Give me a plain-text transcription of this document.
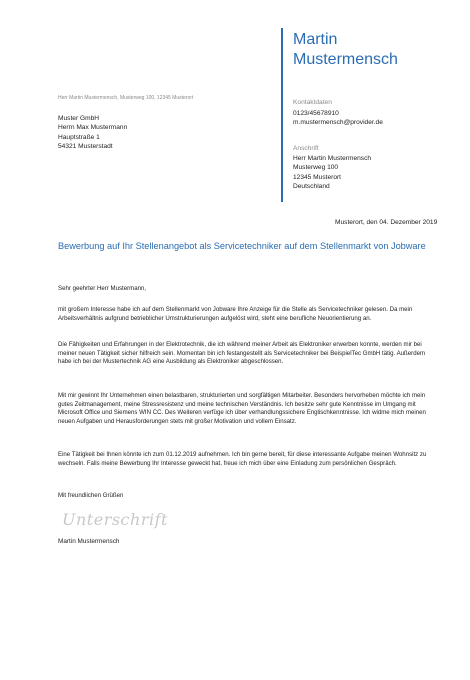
Martin
Mustermensch
Herr Martin Mustermensch, Musterweg 100, 12345 Musterort
Muster GmbH
Herrn Max Mustermann
Hauptstraße 1
54321 Musterstadt
Kontaktdaten
0123/45678910
m.mustermensch@provider.de
Anschrift
Herr Martin Mustermensch
Musterweg 100
12345 Musterort
Deutschland
Musterort, den 04. Dezember 2019
Bewerbung auf Ihr Stellenangebot als Servicetechniker auf dem Stellenmarkt von Jobware
Sehr geehrter Herr Mustermann,

mit großem Interesse habe ich auf dem Stellenmarkt von Jobware Ihre Anzeige für die Stelle als Servicetechniker gelesen. Da mein Arbeitsverhältnis aufgrund betrieblicher Umstrukturierungen aufgelöst wird, steht eine berufliche Neuorientierung an.

Die Fähigkeiten und Erfahrungen in der Elektrotechnik, die ich während meiner Arbeit als Elektroniker erwerben konnte, werden mir bei meiner neuen Tätigkeit sicher hilfreich sein. Momentan bin ich festangestellt als Servicetechniker bei BeispielTec GmbH tätig. Außerdem habe ich bei der Mustertechnik AG eine Ausbildung als Elektroniker abgeschlossen.

Mit mir gewinnt Ihr Unternehmen einen belastbaren, strukturierten und sorgfältigen Mitarbeiter. Besonders hervorheben möchte ich mein gutes Zeitmanagement, meine Stressresistenz und meine technischen Verständnis. Ich besitze sehr gute Kenntnisse im Umgang mit Microsoft Office und Siemens WIN CC. Des Weiteren verfüge ich über verhandlungssichere Englischkenntnisse. Ich widme mich meinen neuen Aufgaben und Herausforderungen stets mit großer Motivation und vollem Einsatz.

Eine Tätigkeit bei Ihnen könnte ich zum 01.12.2019 aufnehmen. Ich bin gerne bereit, für diese interessante Aufgabe meinen Wohnsitz zu wechseln. Falls meine Bewerbung Ihr Interesse geweckt hat, freue ich mich über eine Einladung zum persönlichen Gespräch.

Mit freundlichen Grüßen
Unterschrift
Martin Mustermensch
